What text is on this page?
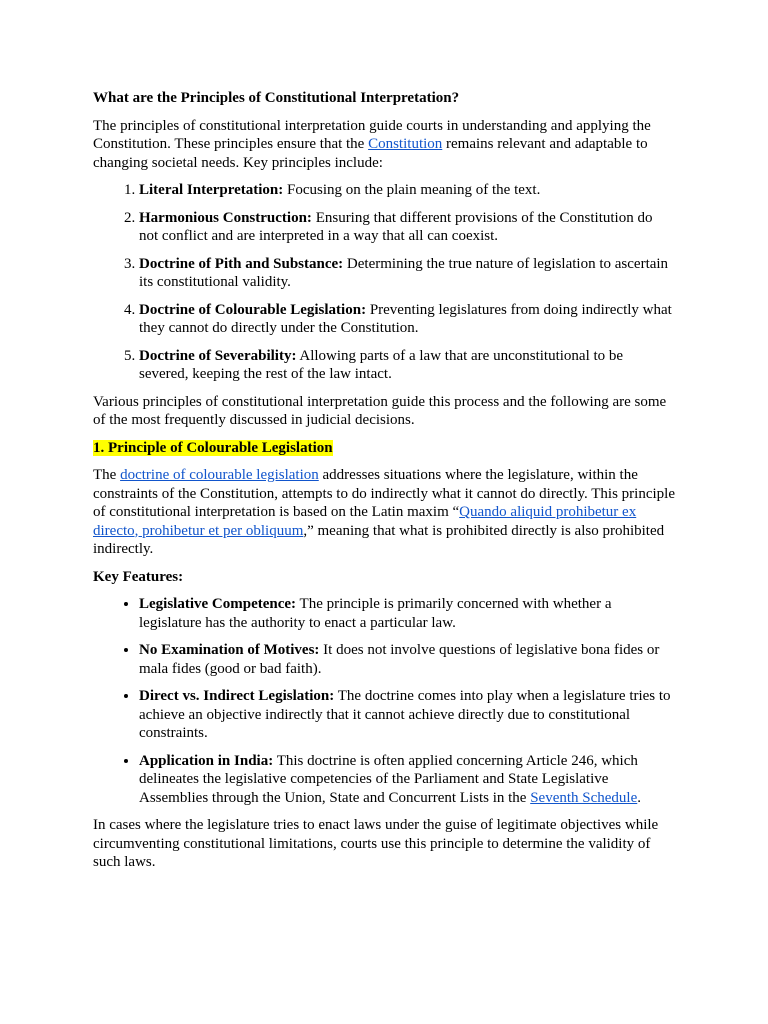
What are the Principles of Constitutional Interpretation?

The principles of constitutional interpretation guide courts in understanding and applying the Constitution. These principles ensure that the Constitution remains relevant and adaptable to changing societal needs. Key principles include:

1. Literal Interpretation: Focusing on the plain meaning of the text.
2. Harmonious Construction: Ensuring that different provisions of the Constitution do not conflict and are interpreted in a way that all can coexist.
3. Doctrine of Pith and Substance: Determining the true nature of legislation to ascertain its constitutional validity.
4. Doctrine of Colourable Legislation: Preventing legislatures from doing indirectly what they cannot do directly under the Constitution.
5. Doctrine of Severability: Allowing parts of a law that are unconstitutional to be severed, keeping the rest of the law intact.

Various principles of constitutional interpretation guide this process and the following are some of the most frequently discussed in judicial decisions.

1. Principle of Colourable Legislation

The doctrine of colourable legislation addresses situations where the legislature, within the constraints of the Constitution, attempts to do indirectly what it cannot do directly. This principle of constitutional interpretation is based on the Latin maxim “Quando aliquid prohibetur ex directo, prohibetur et per obliquum,” meaning that what is prohibited directly is also prohibited indirectly.

Key Features:

• Legislative Competence: The principle is primarily concerned with whether a legislature has the authority to enact a particular law.
• No Examination of Motives: It does not involve questions of legislative bona fides or mala fides (good or bad faith).
• Direct vs. Indirect Legislation: The doctrine comes into play when a legislature tries to achieve an objective indirectly that it cannot achieve directly due to constitutional constraints.
• Application in India: This doctrine is often applied concerning Article 246, which delineates the legislative competencies of the Parliament and State Legislative Assemblies through the Union, State and Concurrent Lists in the Seventh Schedule.

In cases where the legislature tries to enact laws under the guise of legitimate objectives while circumventing constitutional limitations, courts use this principle to determine the validity of such laws.
